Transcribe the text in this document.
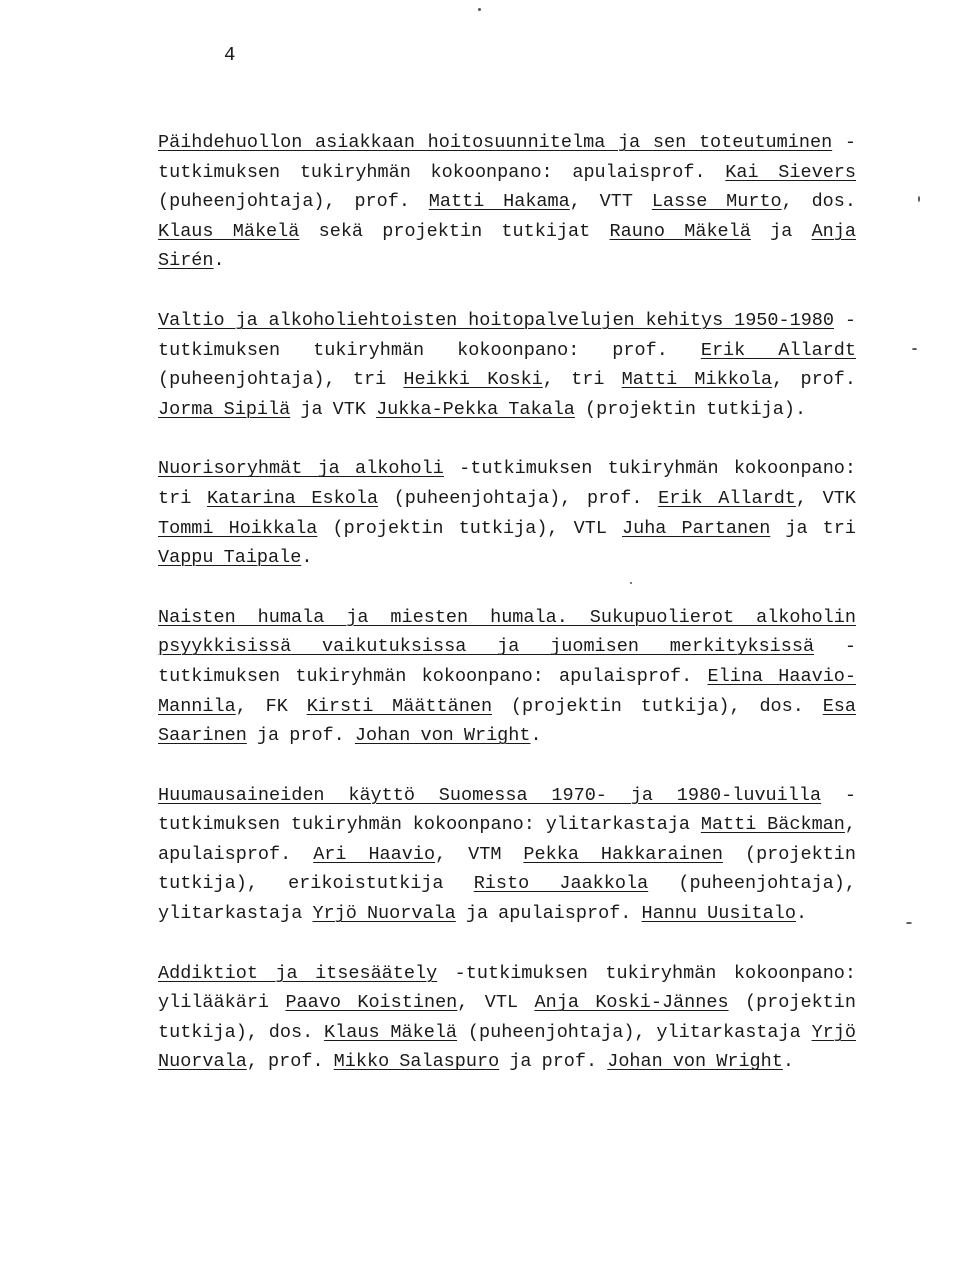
4

Päihdehuollon asiakkaan hoitosuunnitelma ja sen toteutuminen -tutkimuksen tukiryhmän kokoonpano: apulaisprof. Kai Sievers (puheenjohtaja), prof. Matti Hakama, VTT Lasse Murto, dos. Klaus Mäkelä sekä projektin tutkijat Rauno Mäkelä ja Anja Sirén.

Valtio ja alkoholiehtoisten hoitopalvelujen kehitys 1950-1980 -tutkimuksen tukiryhmän kokoonpano: prof. Erik Allardt (puheenjohtaja), tri Heikki Koski, tri Matti Mikkola, prof. Jorma Sipilä ja VTK Jukka-Pekka Takala (projektin tutkija).

Nuorisoryhmät ja alkoholi -tutkimuksen tukiryhmän kokoonpano: tri Katarina Eskola (puheenjohtaja), prof. Erik Allardt, VTK Tommi Hoikkala (projektin tutkija), VTL Juha Partanen ja tri Vappu Taipale.

Naisten humala ja miesten humala. Sukupuolierot alkoholin psyykkisissä vaikutuksissa ja juomisen merkityksissä -tutkimuksen tukiryhmän kokoonpano: apulaisprof. Elina Haavio-Mannila, FK Kirsti Määttänen (projektin tutkija), dos. Esa Saarinen ja prof. Johan von Wright.

Huumausaineiden käyttö Suomessa 1970- ja 1980-luvuilla -tutkimuksen tukiryhmän kokoonpano: ylitarkastaja Matti Bäckman, apulaisprof. Ari Haavio, VTM Pekka Hakkarainen (projektin tutkija), erikoistutkija Risto Jaakkola (puheenjohtaja), ylitarkastaja Yrjö Nuorvala ja apulaisprof. Hannu Uusitalo.

Addiktiot ja itsesäätely -tutkimuksen tukiryhmän kokoonpano: ylilääkäri Paavo Koistinen, VTL Anja Koski-Jännes (projektin tutkija), dos. Klaus Mäkelä (puheenjohtaja), ylitarkastaja Yrjö Nuorvala, prof. Mikko Salaspuro ja prof. Johan von Wright.
